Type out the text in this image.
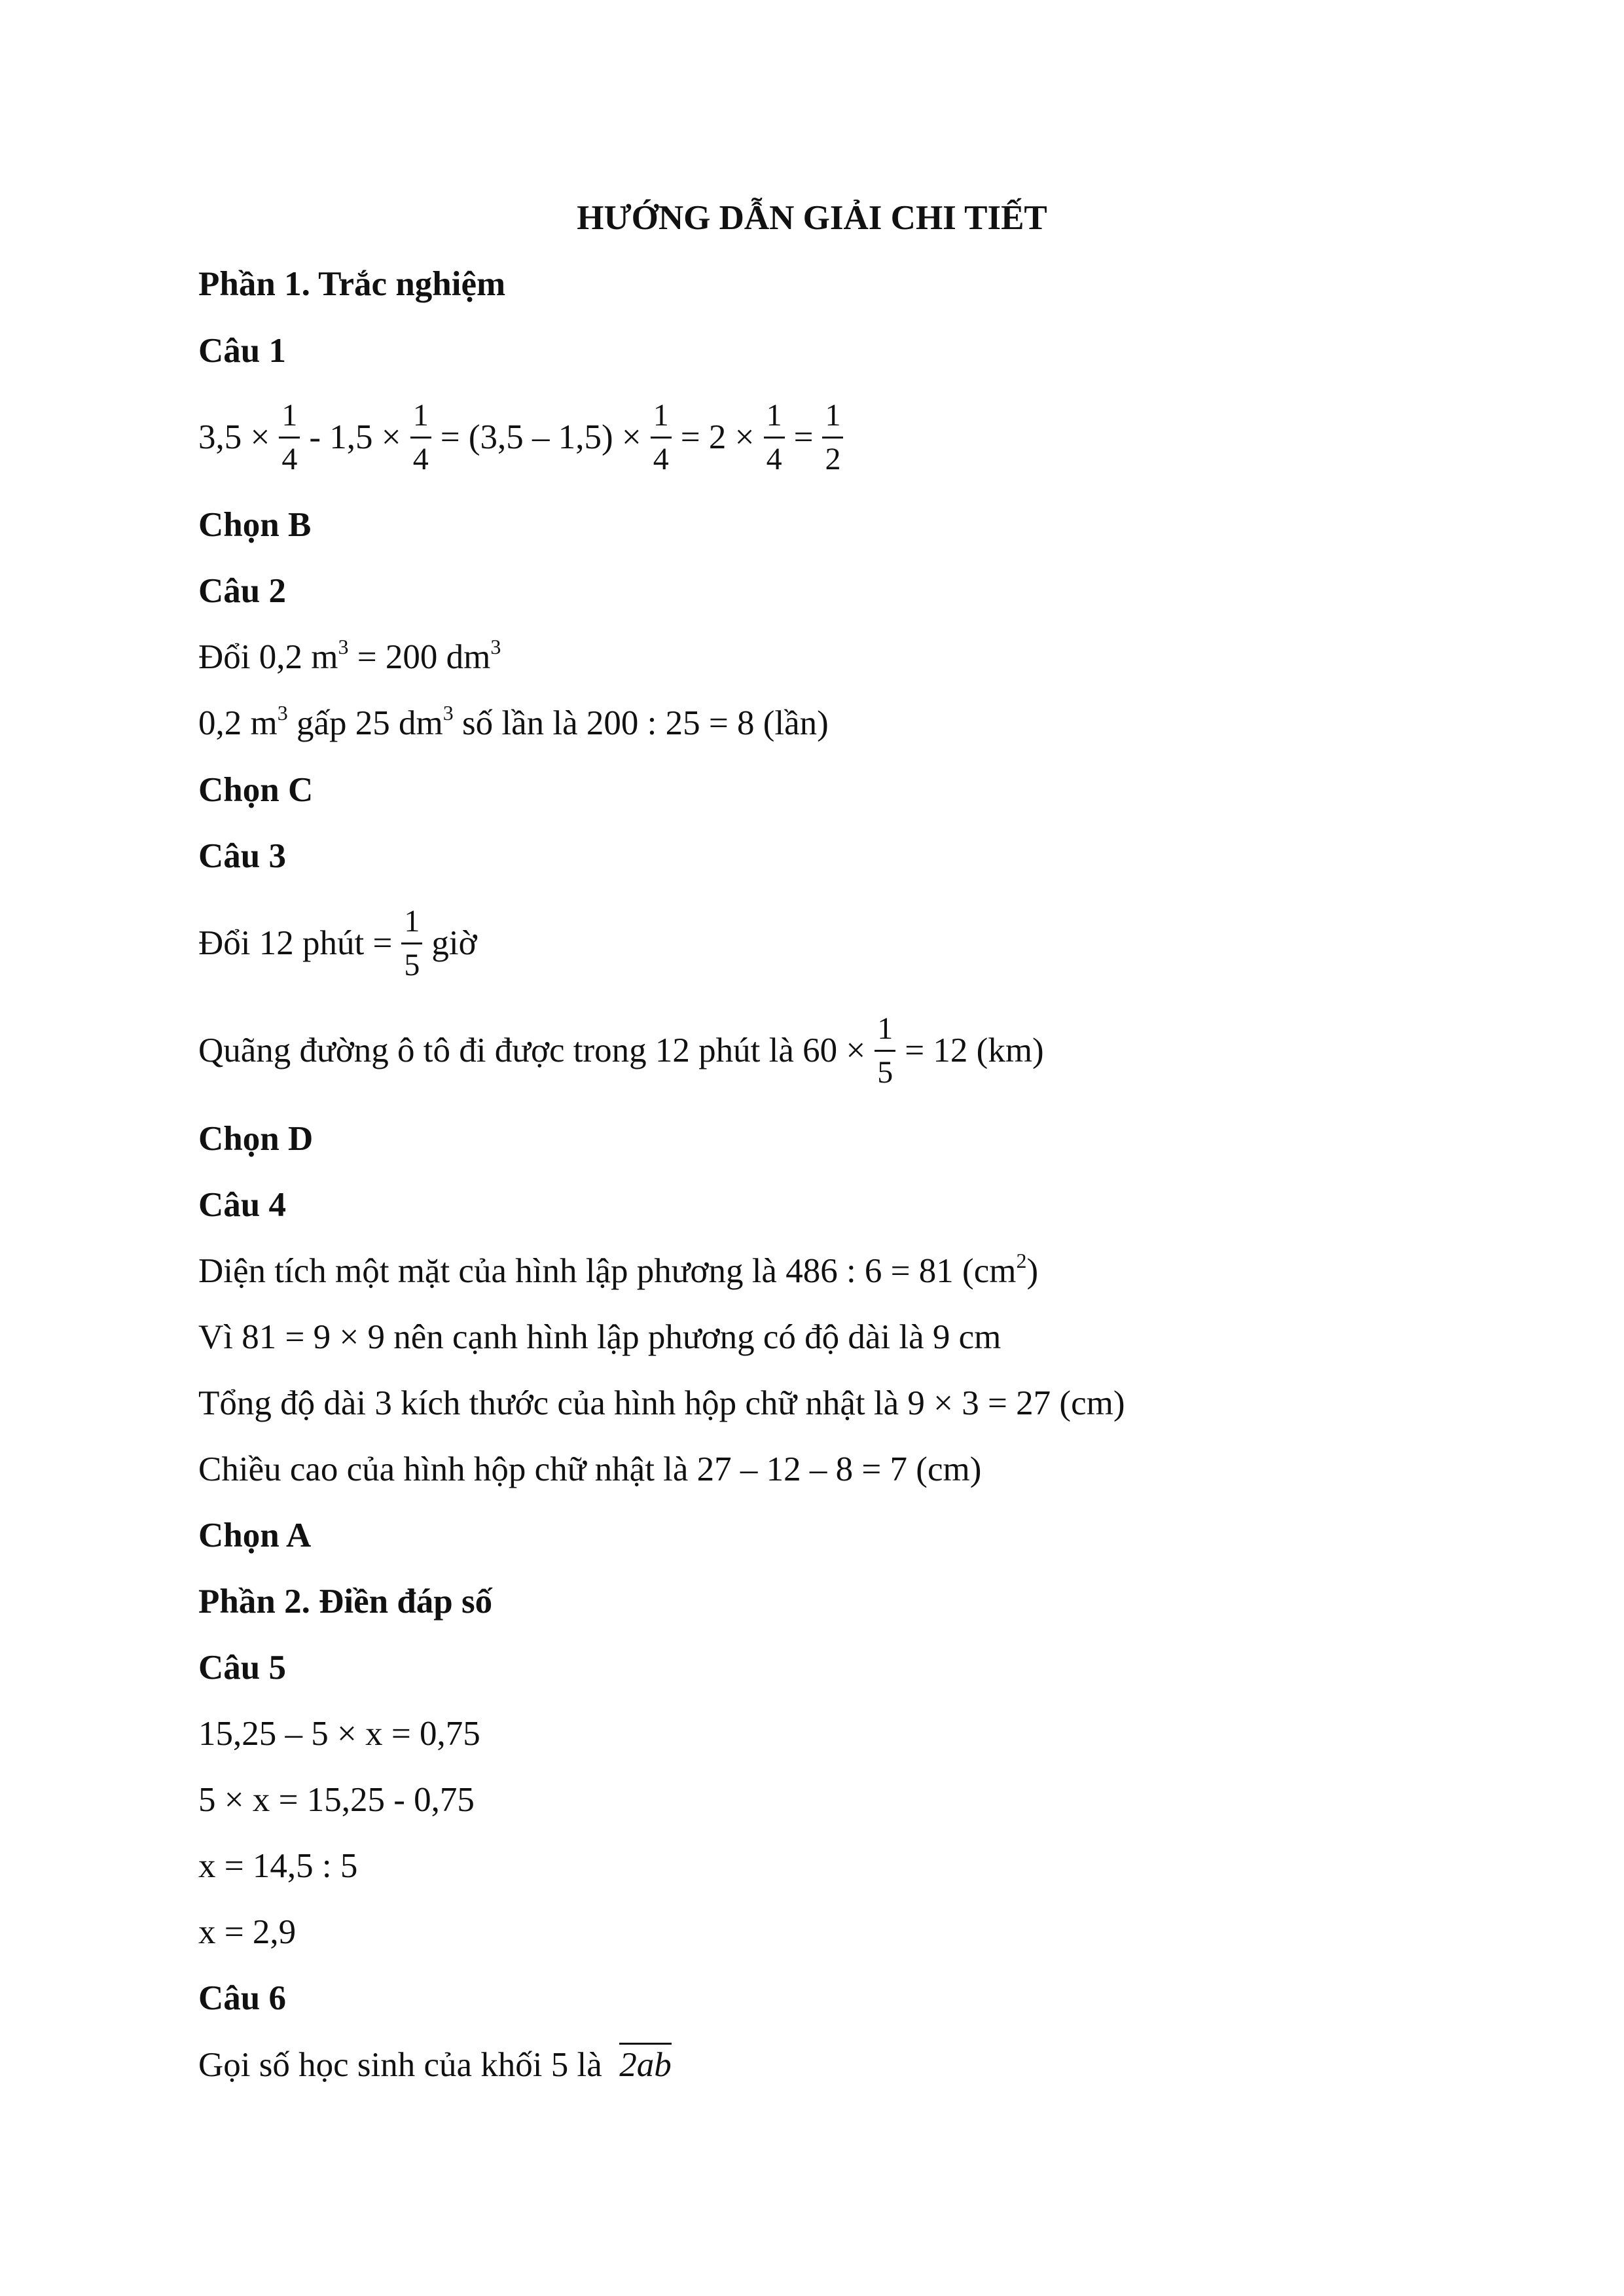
HƯỚNG DẪN GIẢI CHI TIẾT
Phần 1. Trắc nghiệm
Câu 1
$3,5 \times \frac{1}{4} - 1,5 \times \frac{1}{4} = (3,5 - 1,5) \times \frac{1}{4} = 2 \times \frac{1}{4} = \frac{1}{2}$
Chọn B
Câu 2
Đổi 0,2 $m^3 = 200$ $dm^3$
0,2 $m^3$ gấp 25 $dm^3$ số lần là 200 : 25 = 8 (lần)
Chọn C
Câu 3
Đổi 12 phút = $\frac{1}{5}$ giờ
Quãng đường ô tô đi được trong 12 phút là $60 \times \frac{1}{5} = 12$ (km)
Chọn D
Câu 4
Diện tích một mặt của hình lập phương là 486 : 6 = 81 $(cm^2)$
Vì 81 = 9 × 9 nên cạnh hình lập phương có độ dài là 9 cm
Tổng độ dài 3 kích thước của hình hộp chữ nhật là 9 × 3 = 27 (cm)
Chiều cao của hình hộp chữ nhật là 27 – 12 – 8 = 7 (cm)
Chọn A
Phần 2. Điền đáp số
Câu 5
15,25 – 5 × x = 0,75
5 × x = 15,25 - 0,75
x = 14,5 : 5
x = 2,9
Câu 6
Gọi số học sinh của khối 5 là 2ab
